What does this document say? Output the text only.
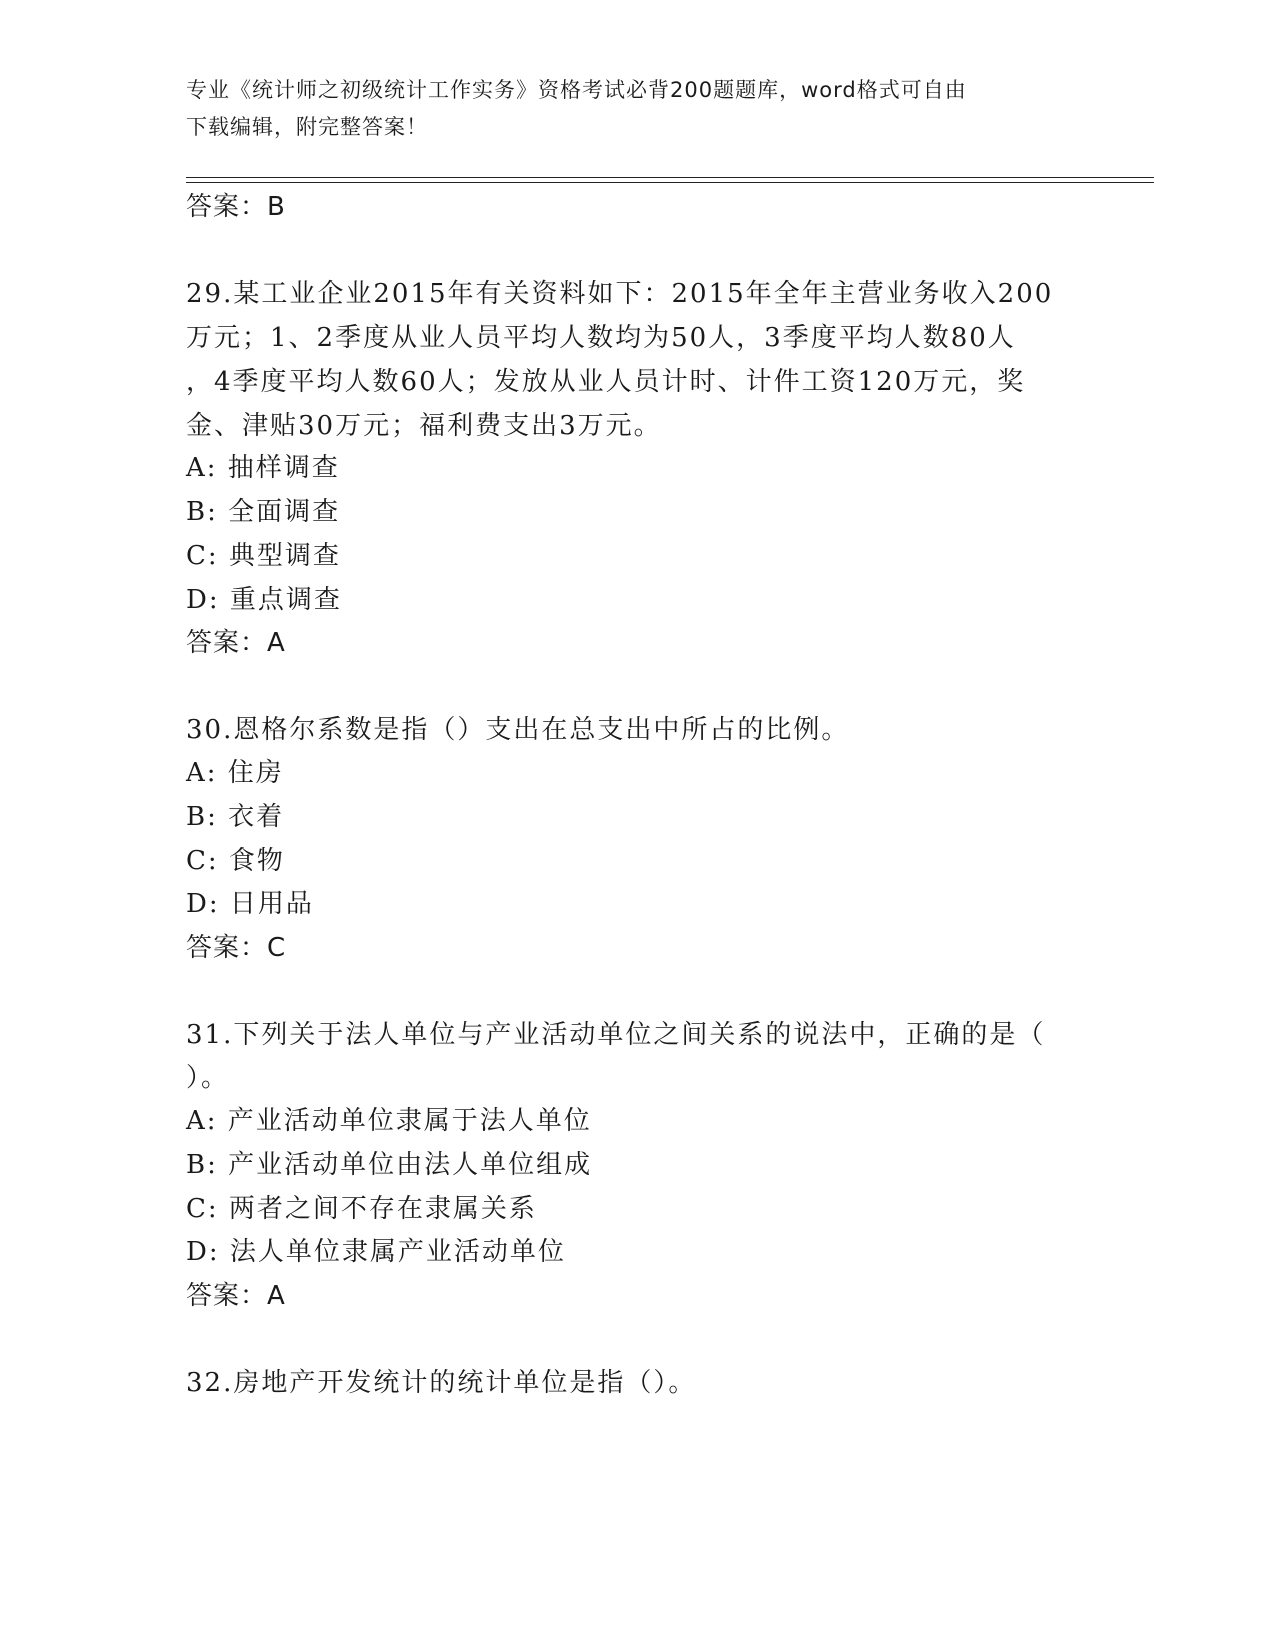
专业《统计师之初级统计工作实务》资格考试必背200题题库，word格式可自由
下载编辑，附完整答案！
答案：B
29.某工业企业2015年有关资料如下：2015年全年主营业务收入200
万元；1、2季度从业人员平均人数均为50人，3季度平均人数80人
，4季度平均人数60人；发放从业人员计时、计件工资120万元，奖
金、津贴30万元；福利费支出3万元。
A: 抽样调查
B: 全面调查
C: 典型调查
D: 重点调查
答案：A
30.恩格尔系数是指（）支出在总支出中所占的比例。
A: 住房
B: 衣着
C: 食物
D: 日用品
答案：C
31.下列关于法人单位与产业活动单位之间关系的说法中，正确的是（
）。
A: 产业活动单位隶属于法人单位
B: 产业活动单位由法人单位组成
C: 两者之间不存在隶属关系
D: 法人单位隶属产业活动单位
答案：A
32.房地产开发统计的统计单位是指（）。
